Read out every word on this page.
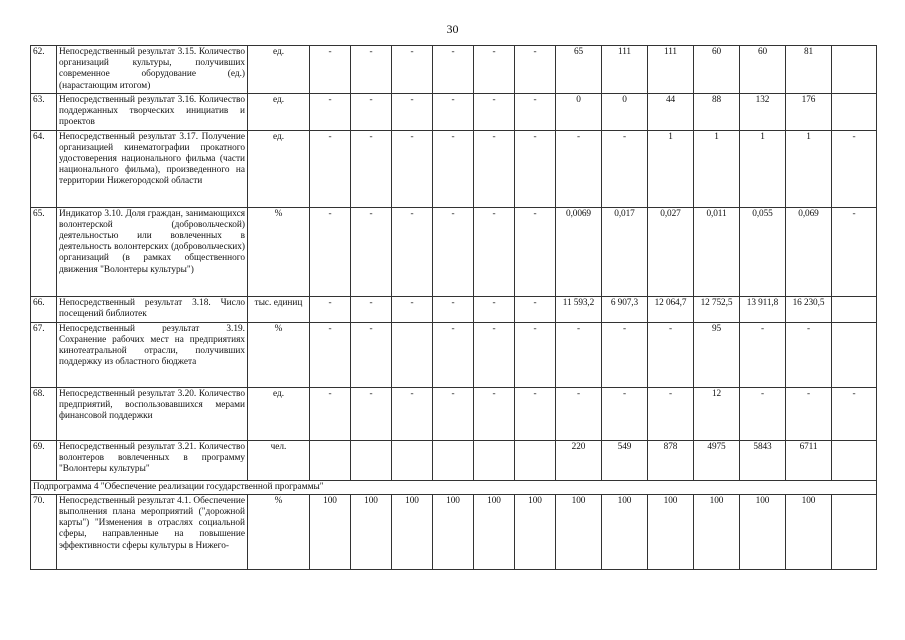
30
62.	Непосредственный результат 3.15. Количество организаций культуры, получивших современное оборудование (ед.) (нарастающим итогом)	ед.	-	-	-	-	-	-	65	111	111	60	60	81	
63.	Непосредственный результат 3.16. Количество поддержанных творческих инициатив и проектов	ед.	-	-	-	-	-	-	0	0	44	88	132	176	
64.	Непосредственный результат 3.17. Получение организацией кинематографии прокатного удостоверения национального фильма (части национального фильма), произведенного на территории Нижегородской области	ед.	-	-	-	-	-	-	-	-	1	1	1	1	-
65.	Индикатор 3.10. Доля граждан, занимающихся волонтерской (добровольческой) деятельностью или вовлеченных в деятельность волонтерских (добровольческих) организаций (в рамках общественного движения "Волонтеры культуры")	%	-	-	-	-	-	-	0,0069	0,017	0,027	0,011	0,055	0,069	-
66.	Непосредственный результат 3.18. Число посещений библиотек	тыс. единиц	-	-	-	-	-	-	11 593,2	6 907,3	12 064,7	12 752,5	13 911,8	16 230,5	
67.	Непосредственный результат 3.19. Сохранение рабочих мест на предприятиях кинотеатральной отрасли, получивших поддержку из областного бюджета	%	-	-		-	-	-	-	-	-	95	-	-	
68.	Непосредственный результат 3.20. Количество предприятий, воспользовавшихся мерами финансовой поддержки	ед.	-	-	-	-	-	-	-	-	-	12	-	-	-
69.	Непосредственный результат 3.21. Количество волонтеров вовлеченных в программу "Волонтеры культуры"	чел.							220	549	878	4975	5843	6711	
Подпрограмма 4 "Обеспечение реализации государственной программы"															
70.	Непосредственный результат 4.1. Обеспечение выполнения плана мероприятий ("дорожной карты") "Изменения в отраслях социальной сферы, направленные на повышение эффективности сферы культуры в Нижего-	%	100	100	100	100	100	100	100	100	100	100	100	100	
